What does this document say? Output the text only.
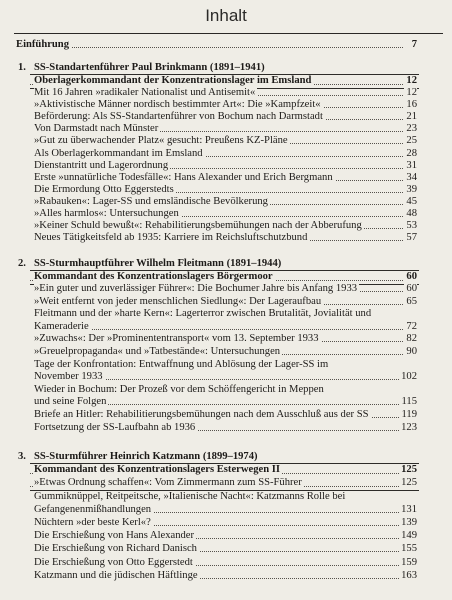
Inhalt
Einführung	7
1. SS-Standartenführer Paul Brinkmann (1891–1941)
Oberlagerkommandant der Konzentrationslager im Emsland	12
Mit 16 Jahren »radikaler Nationalist und Antisemit«	12
»Aktivistische Männer nordisch bestimmter Art«: Die »Kampfzeit«	16
Beförderung: Als SS-Standartenführer von Bochum nach Darmstadt	21
Von Darmstadt nach Münster	23
»Gut zu überwachender Platz« gesucht: Preußens KZ-Pläne	25
Als Oberlagerkommandant im Emsland	28
Dienstantritt und Lagerordnung	31
Erste »unnatürliche Todesfälle«: Hans Alexander und Erich Bergmann	34
Die Ermordung Otto Eggerstedts	39
»Rabauken«: Lager-SS und emsländische Bevölkerung	45
»Alles harmlos«: Untersuchungen	48
»Keiner Schuld bewußt«: Rehabilitierungsbemühungen nach der Abberufung	53
Neues Tätigkeitsfeld ab 1935: Karriere im Reichsluftschutzbund	57
2. SS-Sturmhauptführer Wilhelm Fleitmann (1891–1944)
Kommandant des Konzentrationslagers Börgermoor	60
»Ein guter und zuverlässiger Führer«: Die Bochumer Jahre bis Anfang 1933	60
»Weit entfernt von jeder menschlichen Siedlung«: Der Lageraufbau	65
Fleitmann und der »harte Kern«: Lagerterror zwischen Brutalität, Jovialität und
Kameraderie	72
»Zuwachs«: Der »Prominententransport« vom 13. September 1933	82
»Greuelpropaganda« und »Tatbestände«: Untersuchungen	90
Tage der Konfrontation: Entwaffnung und Ablösung der Lager-SS im
November 1933	102
Wieder in Bochum: Der Prozeß vor dem Schöffengericht in Meppen
und seine Folgen	115
Briefe an Hitler: Rehabilitierungsbemühungen nach dem Ausschluß aus der SS	119
Fortsetzung der SS-Laufbahn ab 1936	123
3. SS-Sturmführer Heinrich Katzmann (1899–1974)
Kommandant des Konzentrationslagers Esterwegen II	125
»Etwas Ordnung schaffen«: Vom Zimmermann zum SS-Führer	125
Gummiknüppel, Reitpeitsche, »Italienische Nacht«: Katzmanns Rolle bei
Gefangenenmißhandlungen	131
Nüchtern »der beste Kerl«?	139
Die Erschießung von Hans Alexander	149
Die Erschießung von Richard Danisch	155
Die Erschießung von Otto Eggerstedt	159
Katzmann und die jüdischen Häftlinge	163
